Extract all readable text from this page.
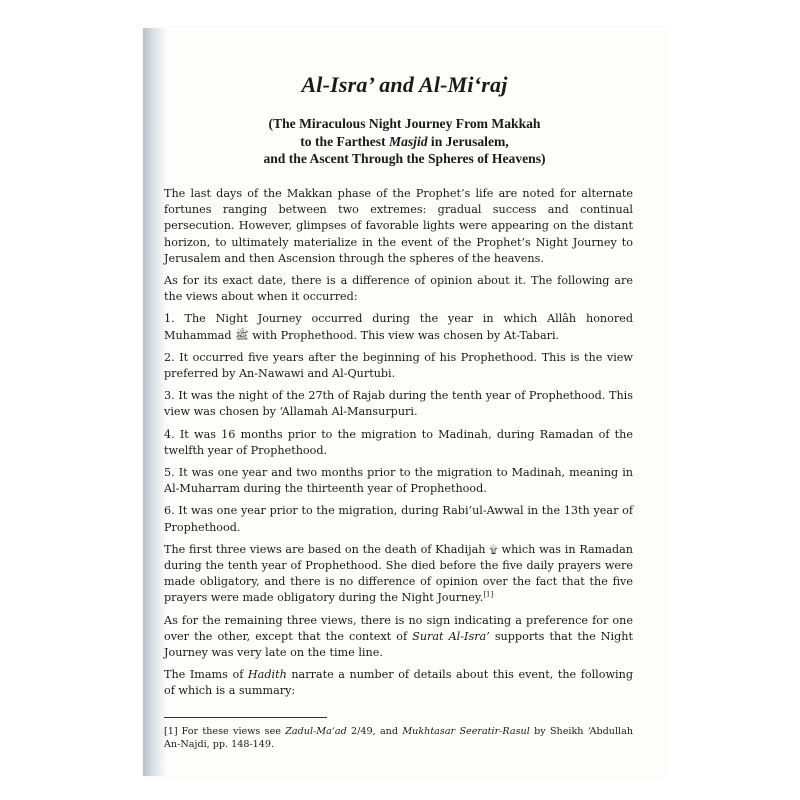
Al-Isra’ and Al-Mi‘raj
(The Miraculous Night Journey From Makkah
to the Farthest Masjid in Jerusalem,
and the Ascent Through the Spheres of Heavens)

The last days of the Makkan phase of the Prophet’s life are noted for alternate fortunes ranging between two extremes: gradual success and continual persecution. However, glimpses of favorable lights were appearing on the distant horizon, to ultimately materialize in the event of the Prophet’s Night Journey to Jerusalem and then Ascension through the spheres of the heavens.

As for its exact date, there is a difference of opinion about it. The following are the views about when it occurred:

1. The Night Journey occurred during the year in which Allâh honored Muhammad ﷺ with Prophethood. This view was chosen by At-Tabari.

2. It occurred five years after the beginning of his Prophethood. This is the view preferred by An-Nawawi and Al-Qurtubi.

3. It was the night of the 27th of Rajab during the tenth year of Prophethood. This view was chosen by ‘Allamah Al-Mansurpuri.

4. It was 16 months prior to the migration to Madinah, during Ramadan of the twelfth year of Prophethood.

5. It was one year and two months prior to the migration to Madinah, meaning in Al-Muharram during the thirteenth year of Prophethood.

6. It was one year prior to the migration, during Rabi‘ul-Awwal in the 13th year of Prophethood.

The first three views are based on the death of Khadijah ۩ which was in Ramadan during the tenth year of Prophethood. She died before the five daily prayers were made obligatory, and there is no difference of opinion over the fact that the five prayers were made obligatory during the Night Journey.[1]

As for the remaining three views, there is no sign indicating a preference for one over the other, except that the context of Surat Al-Isra’ supports that the Night Journey was very late on the time line.

The Imams of Hadith narrate a number of details about this event, the following of which is a summary:

[1] For these views see Zadul-Ma‘ad 2/49, and Mukhtasar Seeratir-Rasul by Sheikh ‘Abdullah An-Najdi, pp. 148-149.
